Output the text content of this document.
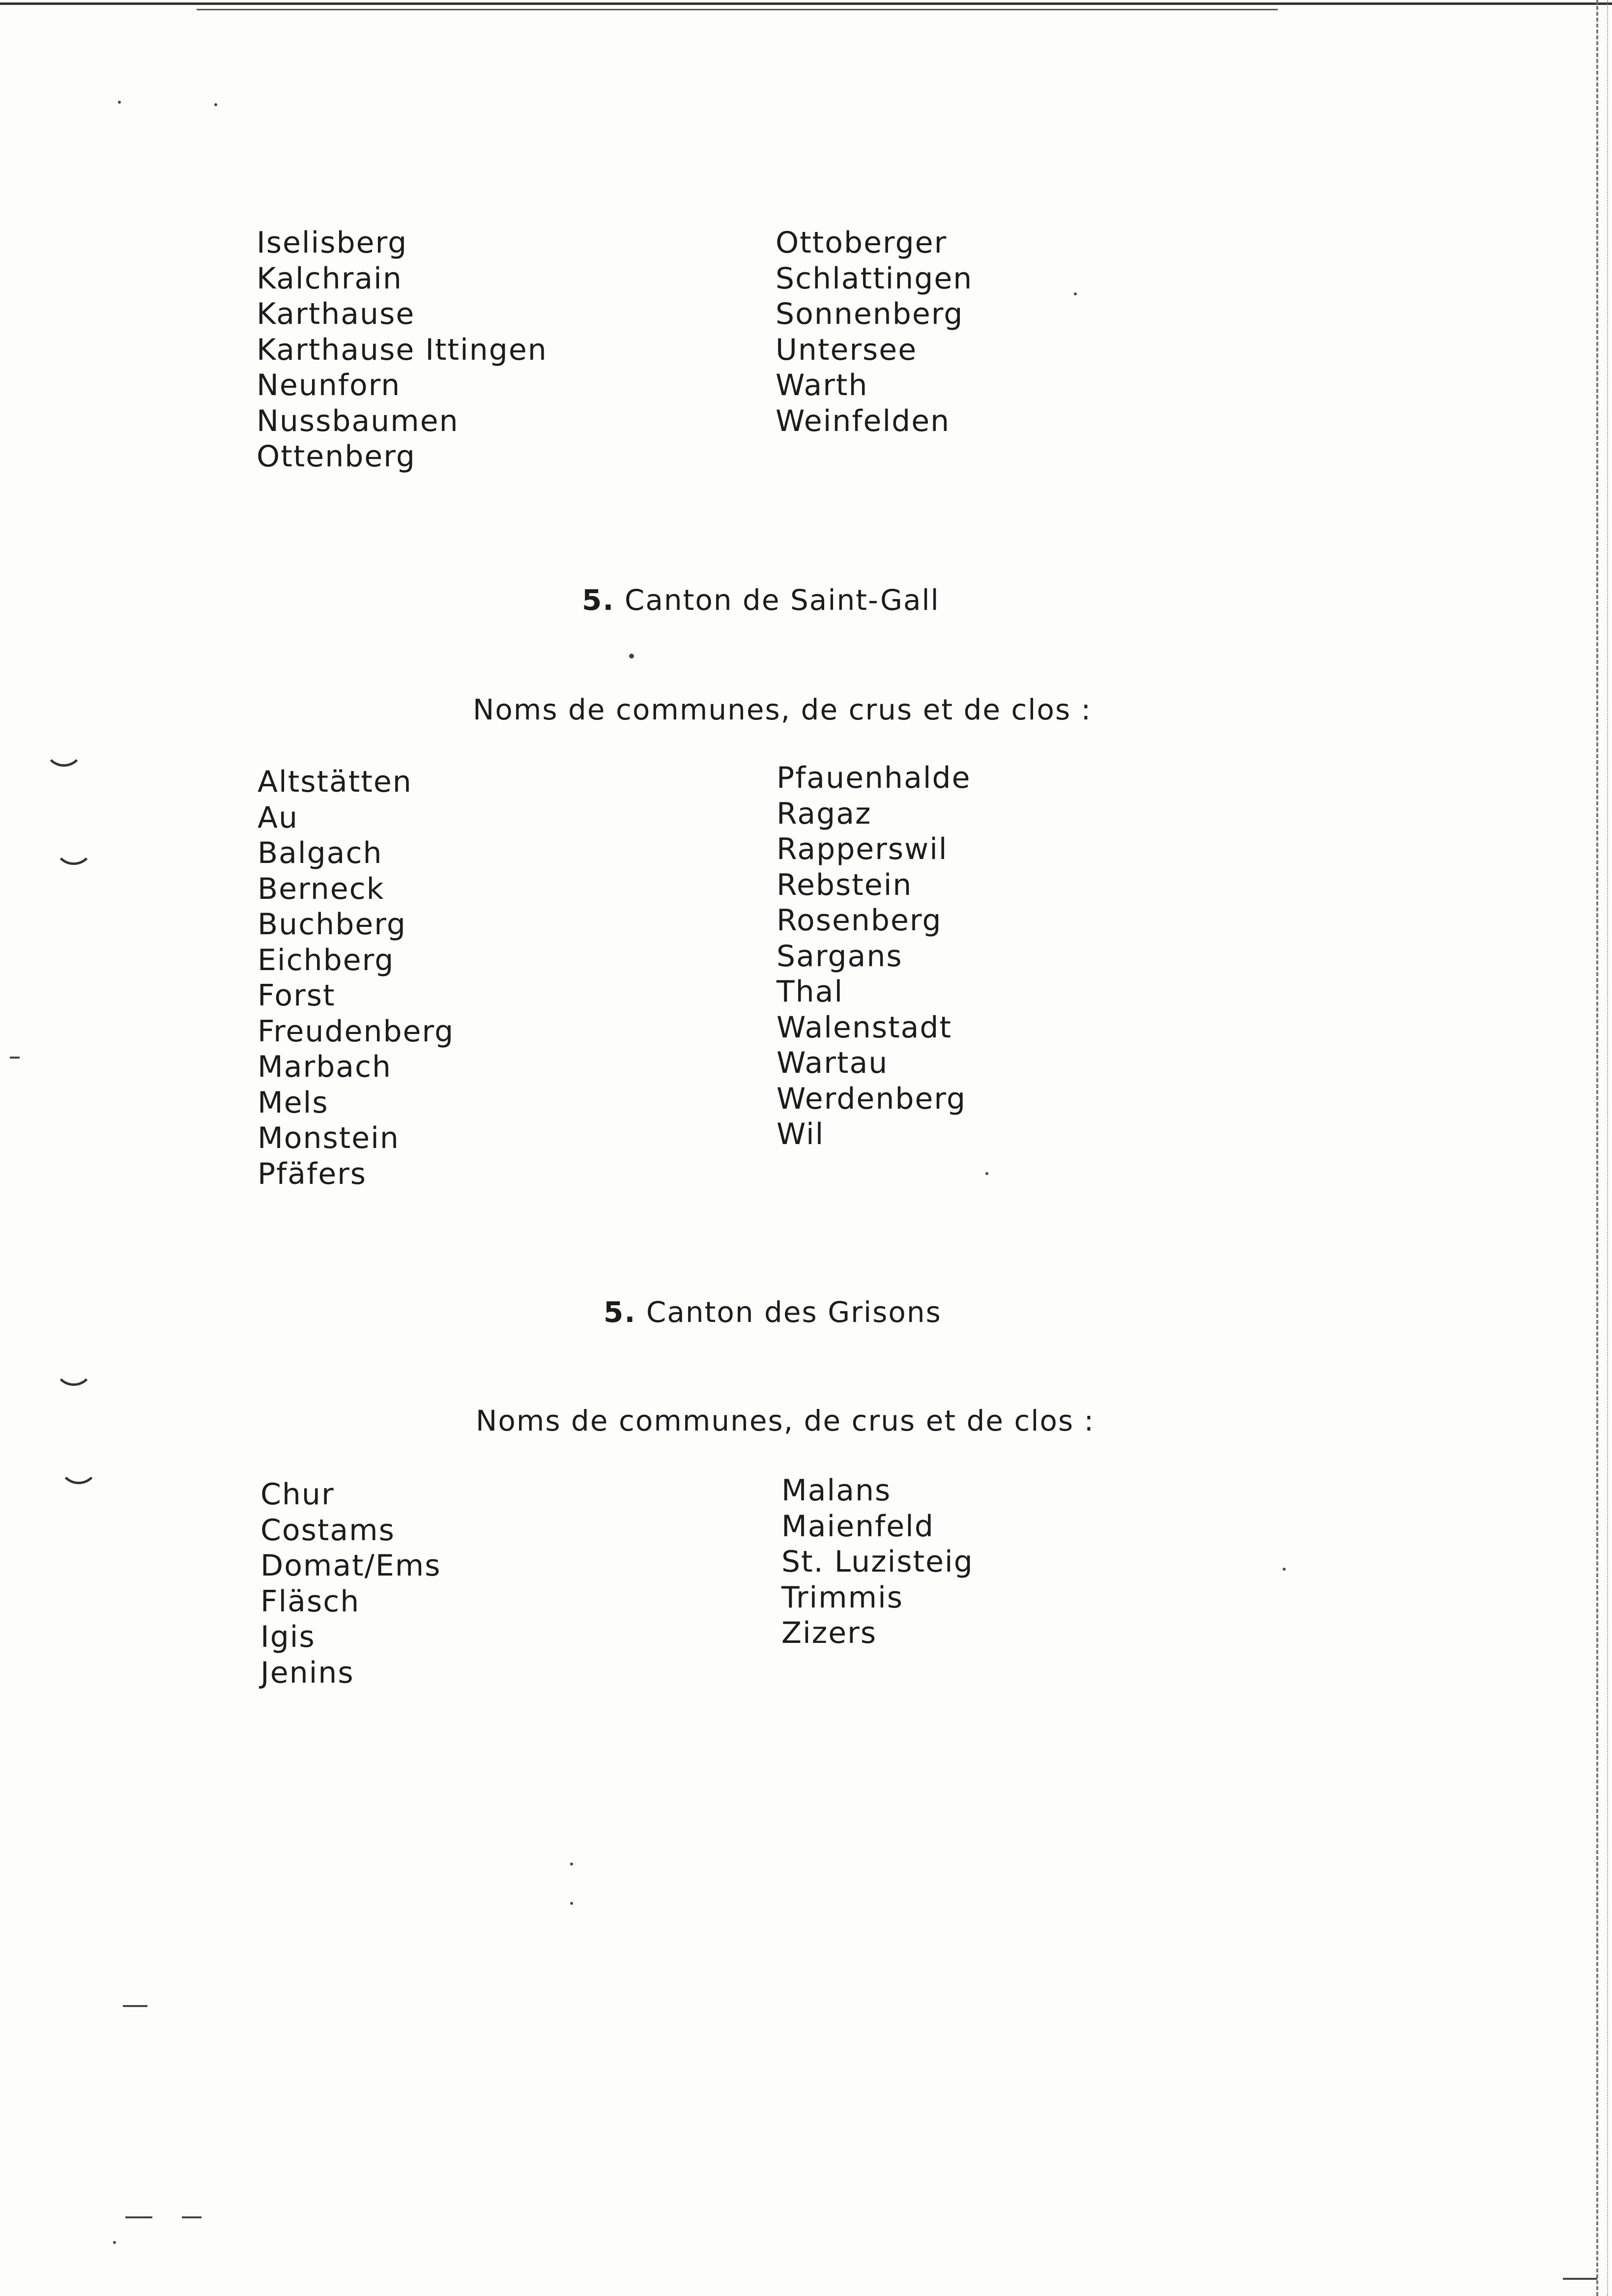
Iselisberg
Kalchrain
Karthause
Karthause Ittingen
Neunforn
Nussbaumen
Ottenberg
Ottoberger
Schlattingen
Sonnenberg
Untersee
Warth
Weinfelden
5. Canton de Saint-Gall
Noms de communes, de crus et de clos :
Altstätten
Au
Balgach
Berneck
Buchberg
Eichberg
Forst
Freudenberg
Marbach
Mels
Monstein
Pfäfers
Pfauenhalde
Ragaz
Rapperswil
Rebstein
Rosenberg
Sargans
Thal
Walenstadt
Wartau
Werdenberg
Wil
5. Canton des Grisons
Noms de communes, de crus et de clos :
Chur
Costams
Domat/Ems
Fläsch
Igis
Jenins
Malans
Maienfeld
St. Luzisteig
Trimmis
Zizers
